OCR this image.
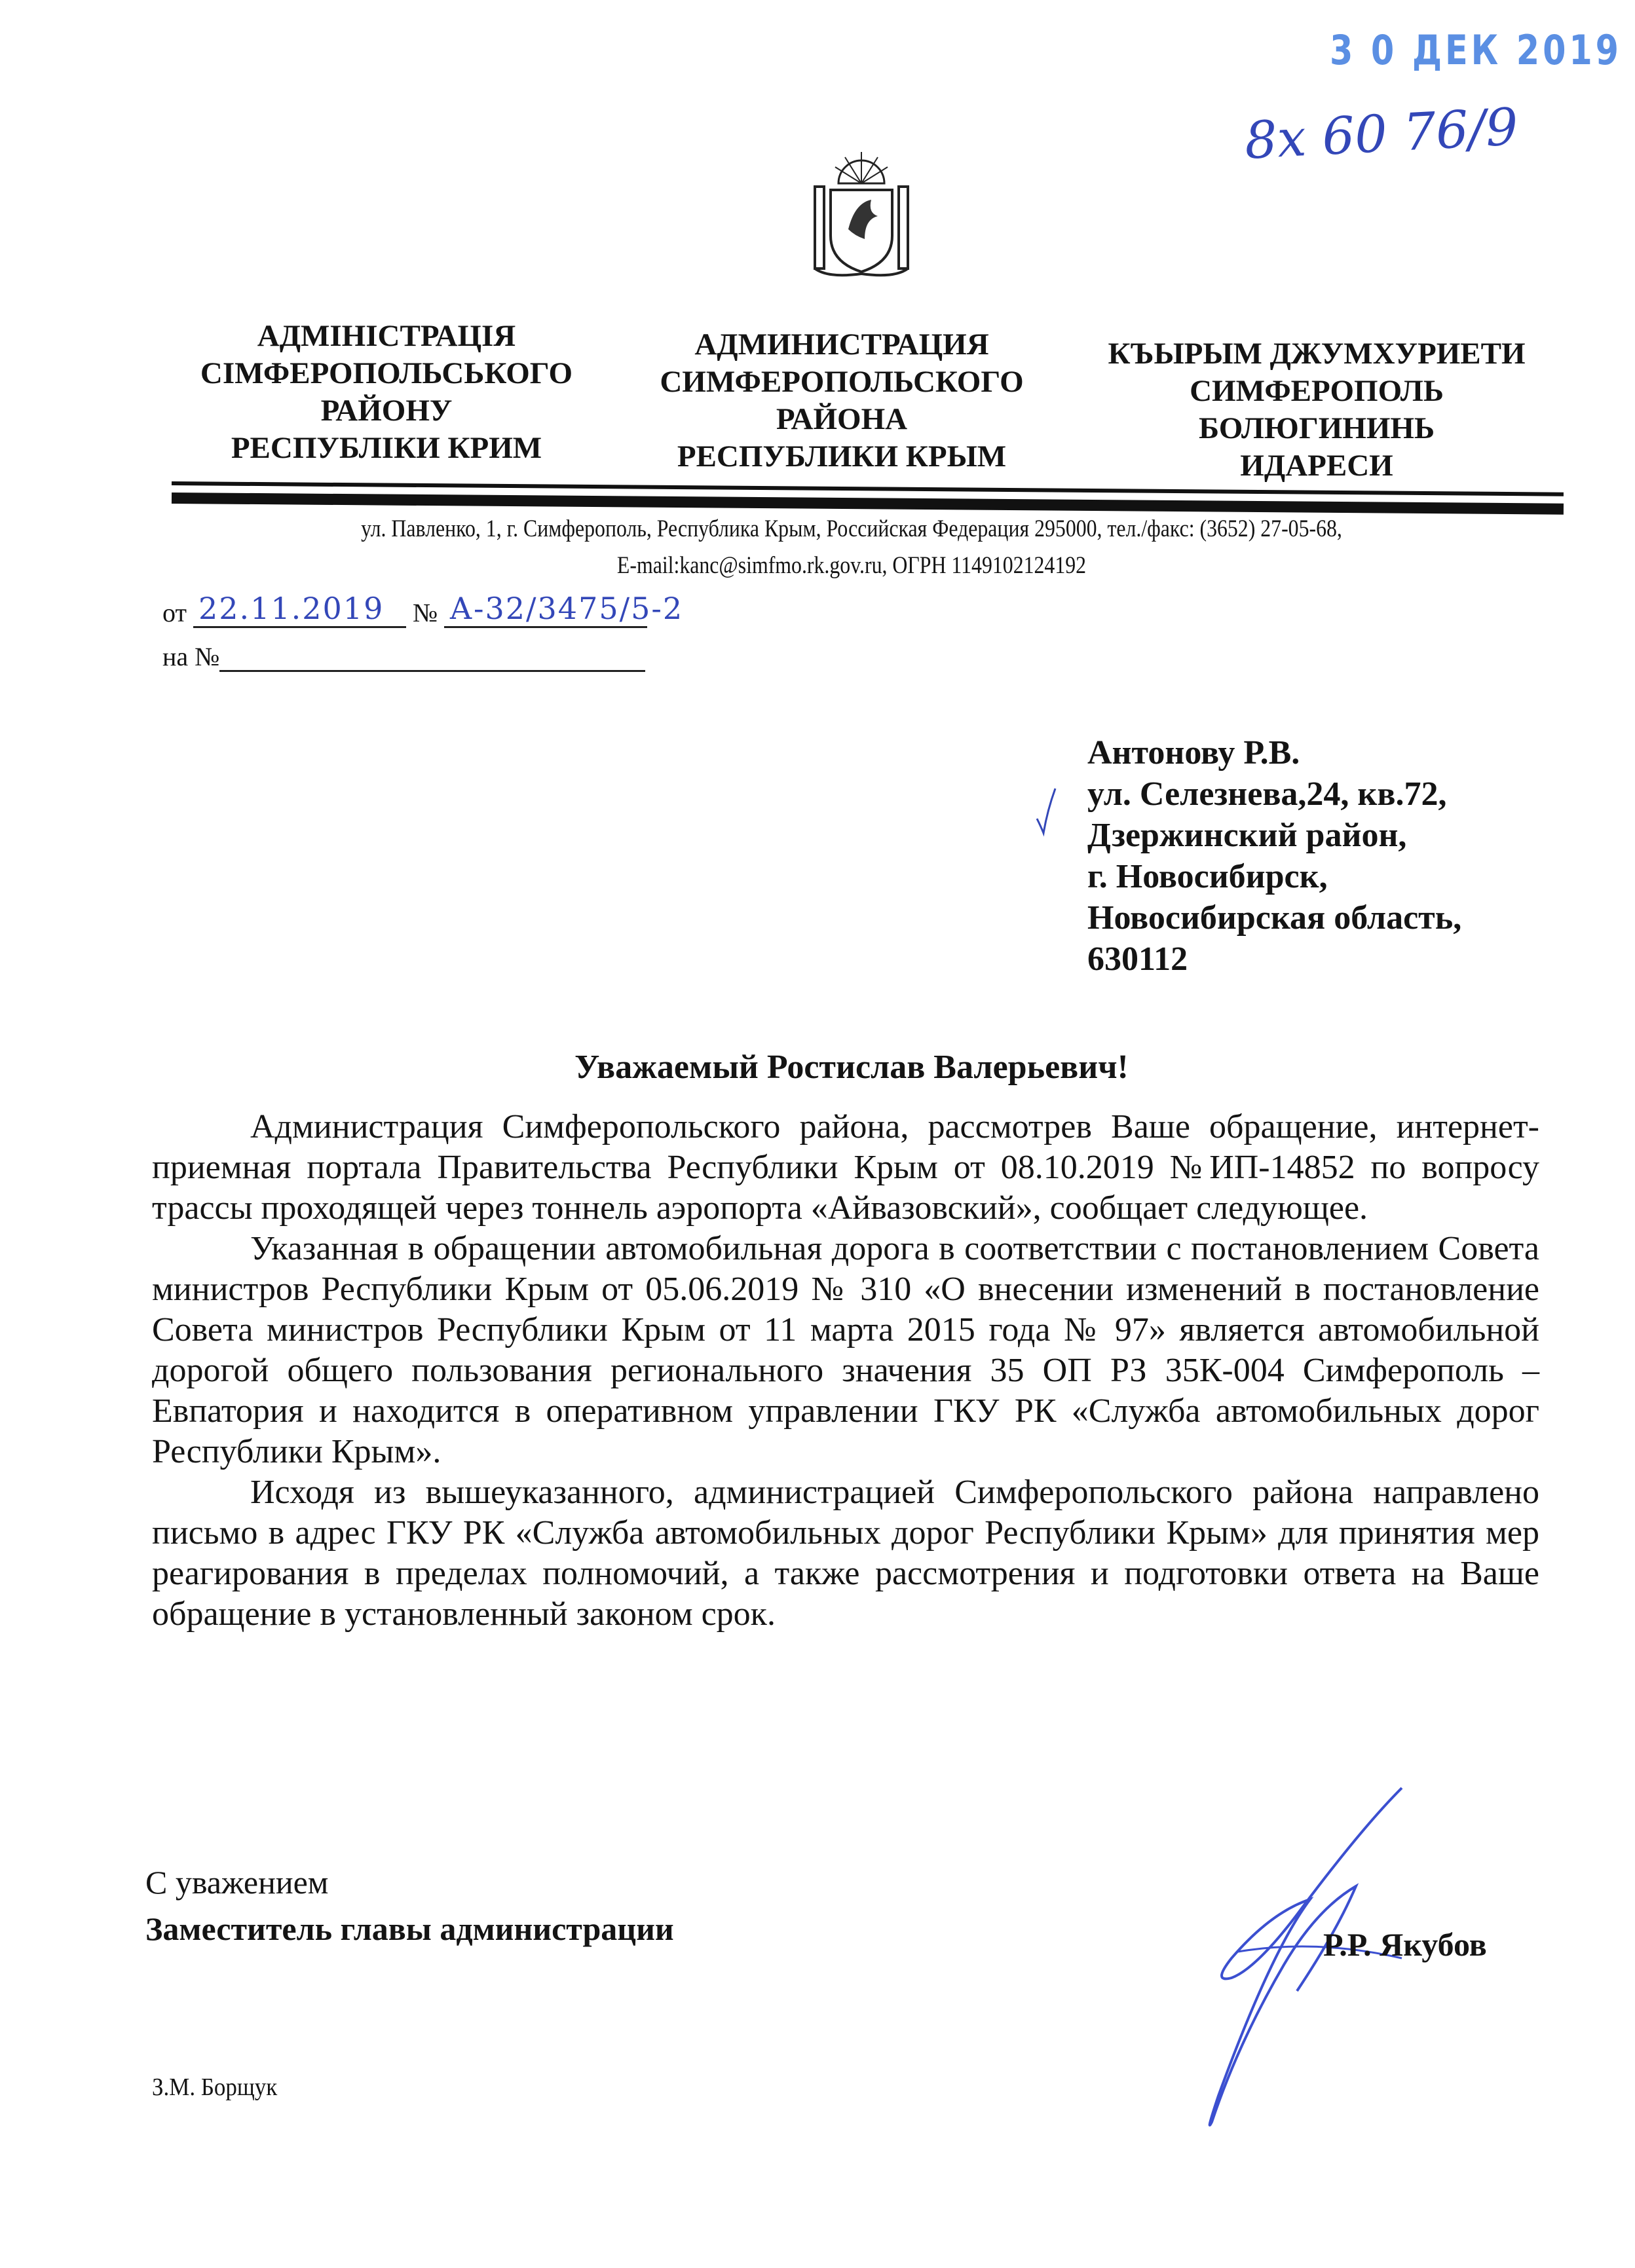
3 0 ДЕК 2019
8x 60 76/9
АДМІНІСТРАЦІЯ
СІМФЕРОПОЛЬСЬКОГО
РАЙОНУ
РЕСПУБЛІКИ КРИМ
АДМИНИСТРАЦИЯ
СИМФЕРОПОЛЬСКОГО
РАЙОНА
РЕСПУБЛИКИ КРЫМ
КЪЫРЫМ ДЖУМХУРИЕТИ
СИМФЕРОПОЛЬ
БОЛЮГИНИНЬ
ИДАРЕСИ
ул. Павленко, 1, г. Симферополь, Республика Крым, Российская Федерация 295000, тел./факс: (3652) 27-05-68,
E-mail:kanc@simfmo.rk.gov.ru, ОГРН 1149102124192
от 22.11.2019 № А-32/3475/5-2
на №
Антонову Р.В.
ул. Селезнева,24, кв.72,
Дзержинский район,
г. Новосибирск,
Новосибирская область,
630112
Уважаемый Ростислав Валерьевич!

Администрация Симферопольского района, рассмотрев Ваше обращение, интернет-приемная портала Правительства Республики Крым от 08.10.2019 №ИП-14852 по вопросу трассы проходящей через тоннель аэропорта «Айвазовский», сообщает следующее.

Указанная в обращении автомобильная дорога в соответствии с постановлением Совета министров Республики Крым от 05.06.2019 № 310 «О внесении изменений в постановление Совета министров Республики Крым от 11 марта 2015 года № 97» является автомобильной дорогой общего пользования регионального значения 35 ОП РЗ 35К-004 Симферополь – Евпатория и находится в оперативном управлении ГКУ РК «Служба автомобильных дорог Республики Крым».

Исходя из вышеуказанного, администрацией Симферопольского района направлено письмо в адрес ГКУ РК «Служба автомобильных дорог Республики Крым» для принятия мер реагирования в пределах полномочий, а также рассмотрения и подготовки ответа на Ваше обращение в установленный законом срок.

С уважением
Заместитель главы администрации	Р.Р. Якубов
З.М. Борщук
